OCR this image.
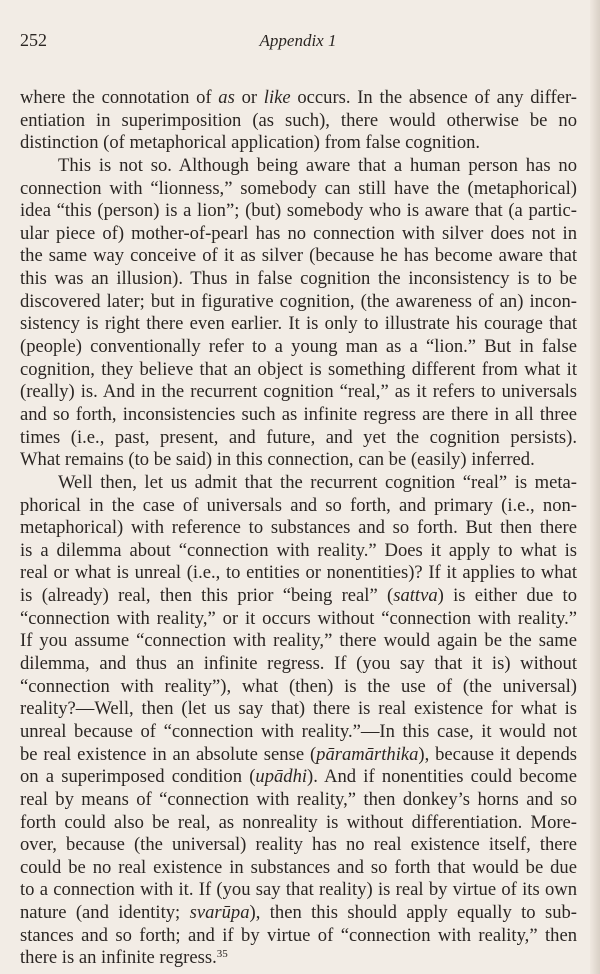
252	Appendix 1
where the connotation of as or like occurs. In the absence of any differ-
entiation in superimposition (as such), there would otherwise be no
distinction (of metaphorical application) from false cognition.
This is not so. Although being aware that a human person has no
connection with “lionness,” somebody can still have the (metaphorical)
idea “this (person) is a lion”; (but) somebody who is aware that (a partic-
ular piece of) mother-of-pearl has no connection with silver does not in
the same way conceive of it as silver (because he has become aware that
this was an illusion). Thus in false cognition the inconsistency is to be
discovered later; but in figurative cognition, (the awareness of an) incon-
sistency is right there even earlier. It is only to illustrate his courage that
(people) conventionally refer to a young man as a “lion.” But in false
cognition, they believe that an object is something different from what it
(really) is. And in the recurrent cognition “real,” as it refers to universals
and so forth, inconsistencies such as infinite regress are there in all three
times (i.e., past, present, and future, and yet the cognition persists).
What remains (to be said) in this connection, can be (easily) inferred.
Well then, let us admit that the recurrent cognition “real” is meta-
phorical in the case of universals and so forth, and primary (i.e., non-
metaphorical) with reference to substances and so forth. But then there
is a dilemma about “connection with reality.” Does it apply to what is
real or what is unreal (i.e., to entities or nonentities)? If it applies to what
is (already) real, then this prior “being real” (sattva) is either due to
“connection with reality,” or it occurs without “connection with reality.”
If you assume “connection with reality,” there would again be the same
dilemma, and thus an infinite regress. If (you say that it is) without
“connection with reality”), what (then) is the use of (the universal)
reality?—Well, then (let us say that) there is real existence for what is
unreal because of “connection with reality.”—In this case, it would not
be real existence in an absolute sense (pāramārthika), because it depends
on a superimposed condition (upādhi). And if nonentities could become
real by means of “connection with reality,” then donkey’s horns and so
forth could also be real, as nonreality is without differentiation. More-
over, because (the universal) reality has no real existence itself, there
could be no real existence in substances and so forth that would be due
to a connection with it. If (you say that reality) is real by virtue of its own
nature (and identity; svarūpa), then this should apply equally to sub-
stances and so forth; and if by virtue of “connection with reality,” then
there is an infinite regress.$^{35}$
